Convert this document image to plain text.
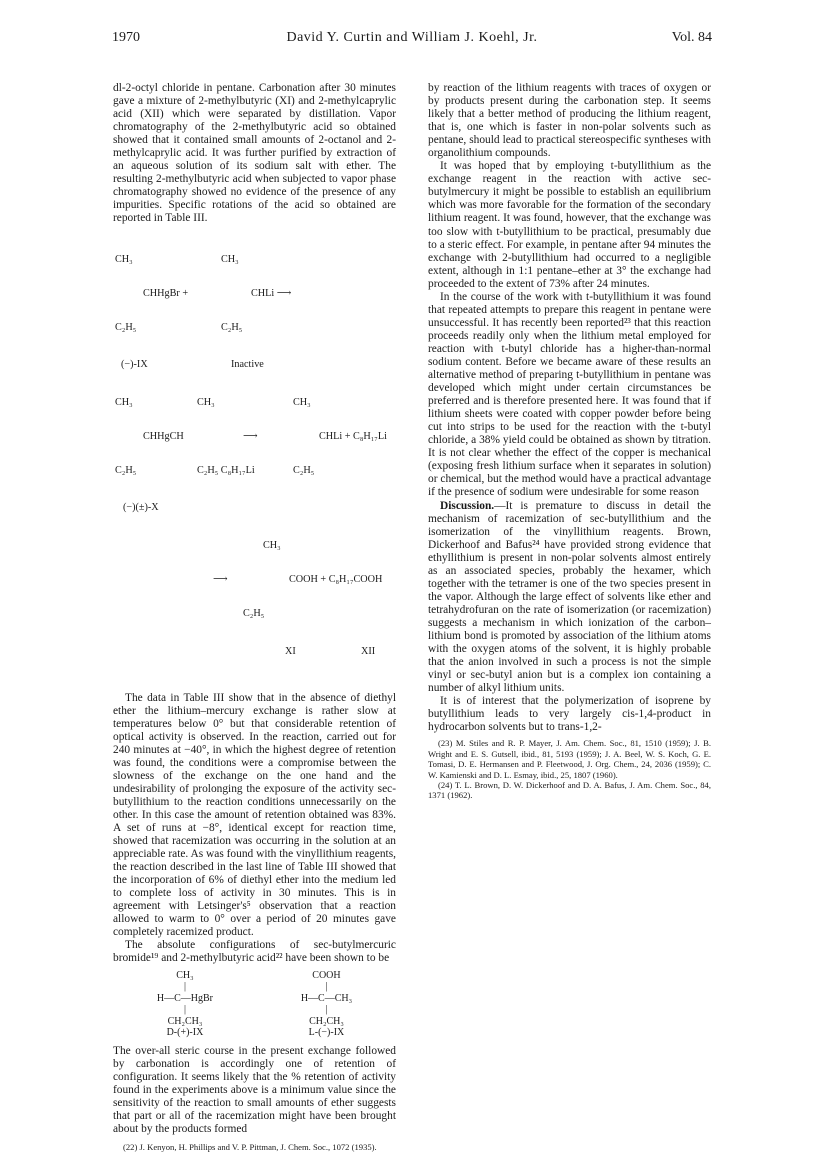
1970	David Y. Curtin and William J. Koehl, Jr.	Vol. 84

dl-2-octyl chloride in pentane. Carbonation after 30 minutes gave a mixture of 2-methylbutyric (XI) and 2-methylcaprylic acid (XII) which were separated by distillation. Vapor chromatography of the 2-methylbutyric acid so obtained showed that it contained small amounts of 2-octanol and 2-methylcaprylic acid. It was further purified by extraction of an aqueous solution of its sodium salt with ether. The resulting 2-methylbutyric acid when subjected to vapor phase chromatography showed no evidence of the presence of any impurities. Specific rotations of the acid so obtained are reported in Table III.

CH₃	CH₃

CHHgBr +	CHLi ⟶

C₂H₅	C₂H₅

(−)-IX	Inactive

CH₃	CH₃	CH₃

CHHgCH	⟶	CHLi + C₈H₁₇Li

C₂H₅	C₂H₅ C₈H₁₇Li	C₂H₅

(−)(±)-X

CH₃

⟶	COOH + C₈H₁₇COOH

C₂H₅

XI	XII

The data in Table III show that in the absence of diethyl ether the lithium–mercury exchange is rather slow at temperatures below 0° but that considerable retention of optical activity is observed. In the reaction, carried out for 240 minutes at −40°, in which the highest degree of retention was found, the conditions were a compromise between the slowness of the exchange on the one hand and the undesirability of prolonging the exposure of the activity sec-butyllithium to the reaction conditions unnecessarily on the other. In this case the amount of retention obtained was 83%. A set of runs at −8°, identical except for reaction time, showed that racemization was occurring in the solution at an appreciable rate. As was found with the vinyllithium reagents, the reaction described in the last line of Table III showed that the incorporation of 6% of diethyl ether into the medium led to complete loss of activity in 30 minutes. This is in agreement with Letsinger's⁵ observation that a reaction allowed to warm to 0° over a period of 20 minutes gave completely racemized product.

The absolute configurations of sec-butylmercuric bromide¹⁹ and 2-methylbutyric acid²² have been shown to be

CH₃
|
H—C—HgBr
|
CH₂CH₃
D-(+)-IX
COOH
|
H—C—CH₃
|
CH₂CH₃
L-(−)-IX

The over-all steric course in the present exchange followed by carbonation is accordingly one of retention of configuration. It seems likely that the % retention of activity found in the experiments above is a minimum value since the sensitivity of the reaction to small amounts of ether suggests that part or all of the racemization might have been brought about by the products formed

(22) J. Kenyon, H. Phillips and V. P. Pittman, J. Chem. Soc., 1072 (1935).

by reaction of the lithium reagents with traces of oxygen or by products present during the carbonation step. It seems likely that a better method of producing the lithium reagent, that is, one which is faster in non-polar solvents such as pentane, should lead to practical stereospecific syntheses with organolithium compounds.

It was hoped that by employing t-butyllithium as the exchange reagent in the reaction with active sec-butylmercury it might be possible to establish an equilibrium which was more favorable for the formation of the secondary lithium reagent. It was found, however, that the exchange was too slow with t-butyllithium to be practical, presumably due to a steric effect. For example, in pentane after 94 minutes the exchange with 2-butyllithium had occurred to a negligible extent, although in 1:1 pentane–ether at 3° the exchange had proceeded to the extent of 73% after 24 minutes.

In the course of the work with t-butyllithium it was found that repeated attempts to prepare this reagent in pentane were unsuccessful. It has recently been reported²³ that this reaction proceeds readily only when the lithium metal employed for reaction with t-butyl chloride has a higher-than-normal sodium content. Before we became aware of these results an alternative method of preparing t-butyllithium in pentane was developed which might under certain circumstances be preferred and is therefore presented here. It was found that if lithium sheets were coated with copper powder before being cut into strips to be used for the reaction with the t-butyl chloride, a 38% yield could be obtained as shown by titration. It is not clear whether the effect of the copper is mechanical (exposing fresh lithium surface when it separates in solution) or chemical, but the method would have a practical advantage if the presence of sodium were undesirable for some reason

Discussion.—It is premature to discuss in detail the mechanism of racemization of sec-butyllithium and the isomerization of the vinyllithium reagents. Brown, Dickerhoof and Bafus²⁴ have provided strong evidence that ethyllithium is present in non-polar solvents almost entirely as an associated species, probably the hexamer, which together with the tetramer is one of the two species present in the vapor. Although the large effect of solvents like ether and tetrahydrofuran on the rate of isomerization (or racemization) suggests a mechanism in which ionization of the carbon–lithium bond is promoted by association of the lithium atoms with the oxygen atoms of the solvent, it is highly probable that the anion involved in such a process is not the simple vinyl or sec-butyl anion but is a complex ion containing a number of alkyl lithium units.

It is of interest that the polymerization of isoprene by butyllithium leads to very largely cis-1,4-product in hydrocarbon solvents but to trans-1,2-

(23) M. Stiles and R. P. Mayer, J. Am. Chem. Soc., 81, 1510 (1959); J. B. Wright and E. S. Gutsell, ibid., 81, 5193 (1959); J. A. Beel, W. S. Koch, G. E. Tomasi, D. E. Hermansen and P. Fleetwood, J. Org. Chem., 24, 2036 (1959); C. W. Kamienski and D. L. Esmay, ibid., 25, 1807 (1960).

(24) T. L. Brown, D. W. Dickerhoof and D. A. Bafus, J. Am. Chem. Soc., 84, 1371 (1962).
